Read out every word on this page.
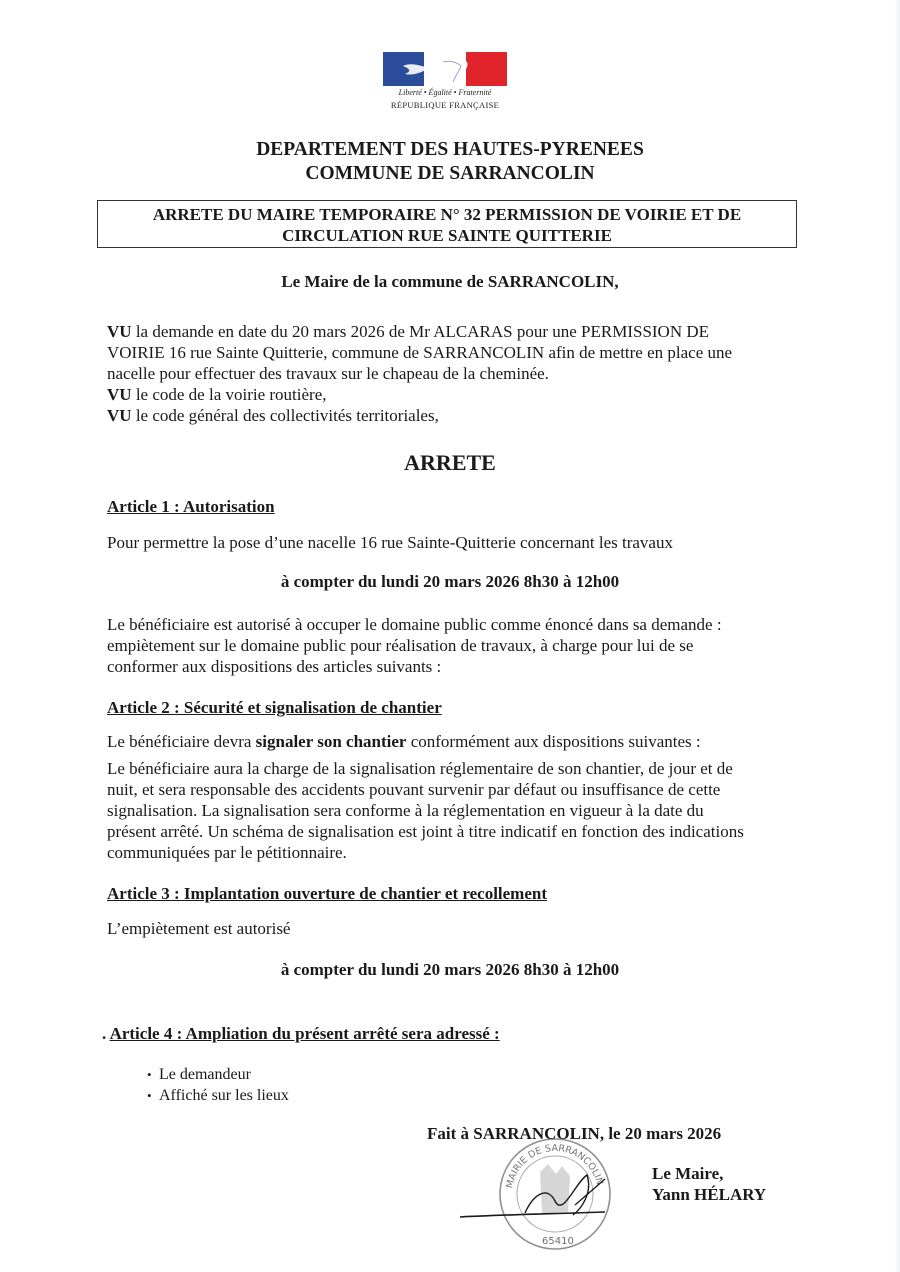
Liberté • Égalité • Fraternité
RÉPUBLIQUE FRANÇAISE
DEPARTEMENT DES HAUTES-PYRENEES
COMMUNE DE SARRANCOLIN
ARRETE DU MAIRE TEMPORAIRE N° 32 PERMISSION DE VOIRIE ET DE
CIRCULATION RUE SAINTE QUITTERIE
Le Maire de la commune de SARRANCOLIN,
VU la demande en date du 20 mars 2026 de Mr ALCARAS pour une PERMISSION DE
VOIRIE 16 rue Sainte Quitterie, commune de SARRANCOLIN afin de mettre en place une
nacelle pour effectuer des travaux sur le chapeau de la cheminée.
VU le code de la voirie routière,
VU le code général des collectivités territoriales,
ARRETE
Article 1 : Autorisation
Pour permettre la pose d’une nacelle 16 rue Sainte-Quitterie concernant les travaux
à compter du lundi 20 mars 2026 8h30 à 12h00
Le bénéficiaire est autorisé à occuper le domaine public comme énoncé dans sa demande :
empiètement sur le domaine public pour réalisation de travaux, à charge pour lui de se
conformer aux dispositions des articles suivants :
Article 2 : Sécurité et signalisation de chantier
Le bénéficiaire devra signaler son chantier conformément aux dispositions suivantes :
Le bénéficiaire aura la charge de la signalisation réglementaire de son chantier, de jour et de
nuit, et sera responsable des accidents pouvant survenir par défaut ou insuffisance de cette
signalisation. La signalisation sera conforme à la réglementation en vigueur à la date du
présent arrêté. Un schéma de signalisation est joint à titre indicatif en fonction des indications
communiquées par le pétitionnaire.
Article 3 : Implantation ouverture de chantier et recollement
L’empiètement est autorisé
à compter du lundi 20 mars 2026 8h30 à 12h00
. Article 4 : Ampliation du présent arrêté sera adressé :
• Le demandeur
• Affiché sur les lieux
Fait à SARRANCOLIN, le 20 mars 2026
MAIRIE DE SARRANCOLIN
65410
Le Maire,
Yann HÉLARY
